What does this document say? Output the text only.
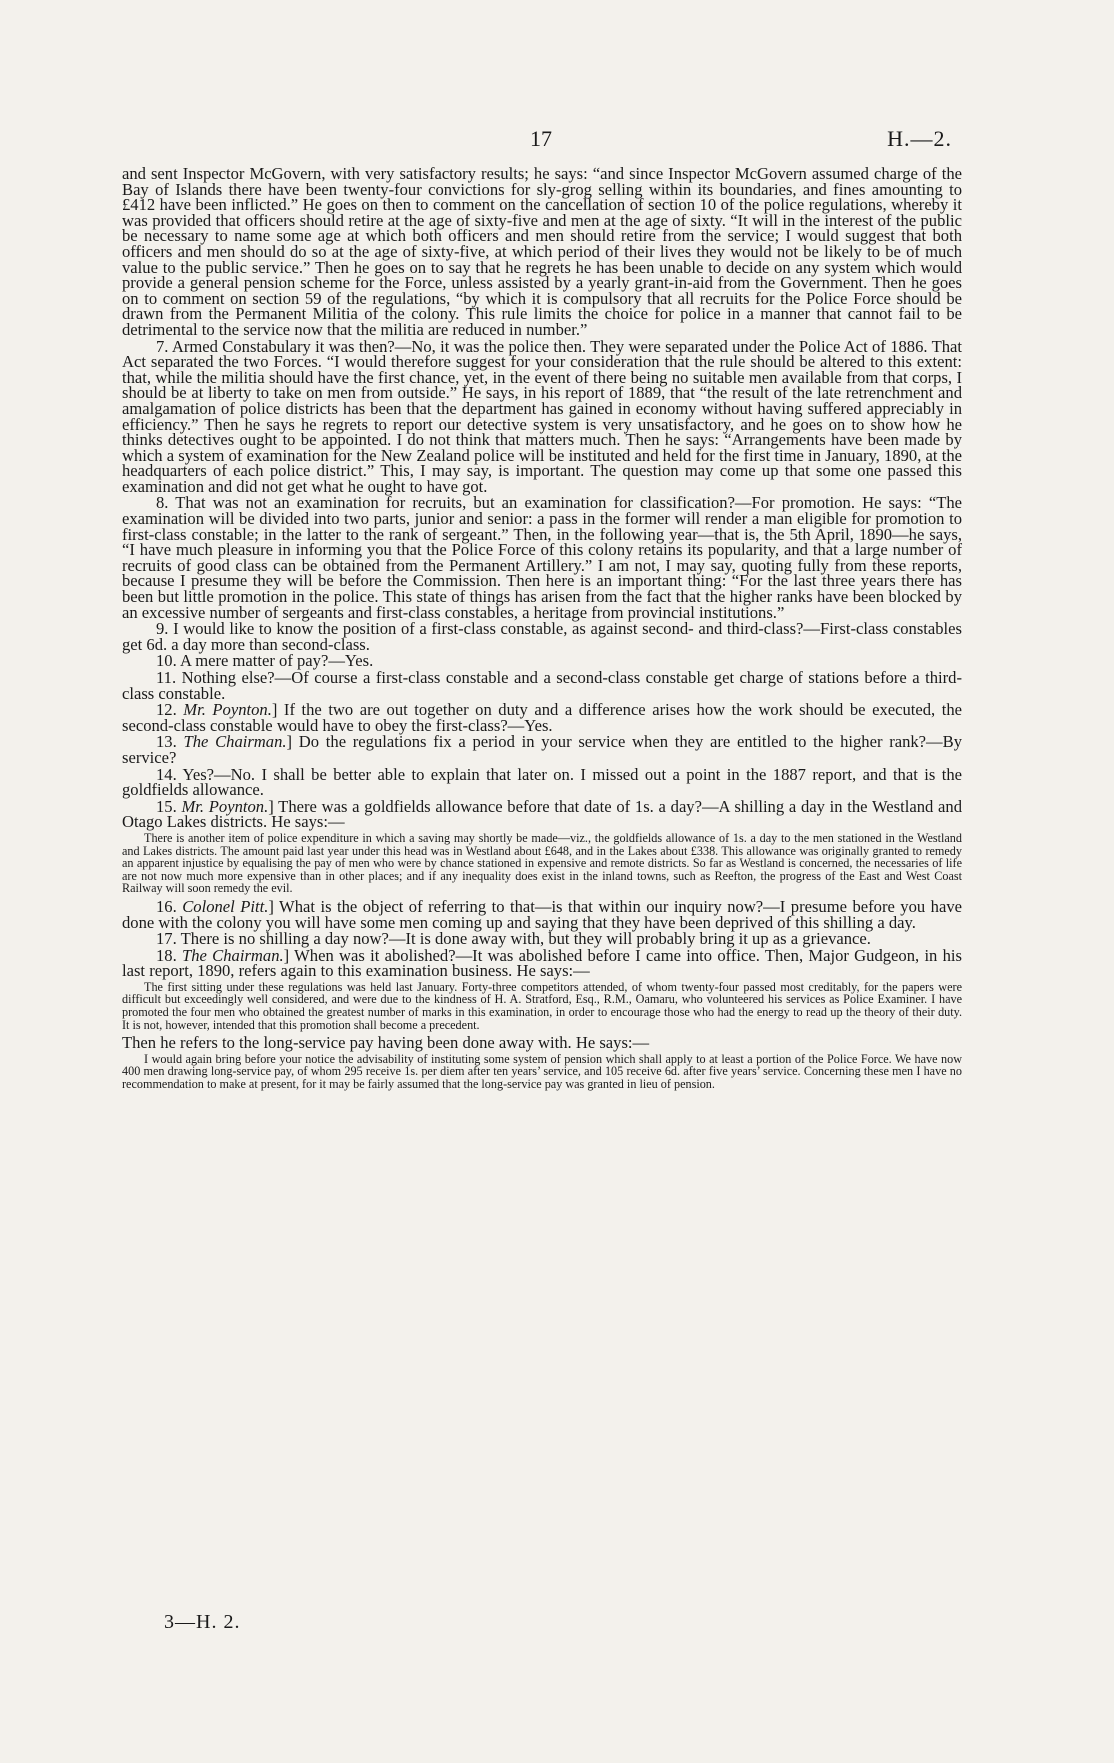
17	H.—2.

and sent Inspector McGovern, with very satisfactory results; he says: “and since Inspector McGovern assumed charge of the Bay of Islands there have been twenty-four convictions for sly-grog selling within its boundaries, and fines amounting to £412 have been inflicted.” He goes on then to comment on the cancellation of section 10 of the police regulations, whereby it was provided that officers should retire at the age of sixty-five and men at the age of sixty. “It will in the interest of the public be necessary to name some age at which both officers and men should retire from the service; I would suggest that both officers and men should do so at the age of sixty-five, at which period of their lives they would not be likely to be of much value to the public service.” Then he goes on to say that he regrets he has been unable to decide on any system which would provide a general pension scheme for the Force, unless assisted by a yearly grant-in-aid from the Government. Then he goes on to comment on section 59 of the regulations, “by which it is compulsory that all recruits for the Police Force should be drawn from the Permanent Militia of the colony. This rule limits the choice for police in a manner that cannot fail to be detrimental to the service now that the militia are reduced in number.”

7. Armed Constabulary it was then?—No, it was the police then. They were separated under the Police Act of 1886. That Act separated the two Forces. “I would therefore suggest for your consideration that the rule should be altered to this extent: that, while the militia should have the first chance, yet, in the event of there being no suitable men available from that corps, I should be at liberty to take on men from outside.” He says, in his report of 1889, that “the result of the late retrenchment and amalgamation of police districts has been that the department has gained in economy without having suffered appreciably in efficiency.” Then he says he regrets to report our detective system is very unsatisfactory, and he goes on to show how he thinks detectives ought to be appointed. I do not think that matters much. Then he says: “Arrangements have been made by which a system of examination for the New Zealand police will be instituted and held for the first time in January, 1890, at the headquarters of each police district.” This, I may say, is important. The question may come up that some one passed this examination and did not get what he ought to have got.

8. That was not an examination for recruits, but an examination for classification?—For promotion. He says: “The examination will be divided into two parts, junior and senior: a pass in the former will render a man eligible for promotion to first-class constable; in the latter to the rank of sergeant.” Then, in the following year—that is, the 5th April, 1890—he says, “I have much pleasure in informing you that the Police Force of this colony retains its popularity, and that a large number of recruits of good class can be obtained from the Permanent Artillery.” I am not, I may say, quoting fully from these reports, because I presume they will be before the Commission. Then here is an important thing: “For the last three years there has been but little promotion in the police. This state of things has arisen from the fact that the higher ranks have been blocked by an excessive number of sergeants and first-class constables, a heritage from provincial institutions.”

9. I would like to know the position of a first-class constable, as against second- and third-class?—First-class constables get 6d. a day more than second-class.

10. A mere matter of pay?—Yes.

11. Nothing else?—Of course a first-class constable and a second-class constable get charge of stations before a third-class constable.

12. Mr. Poynton.] If the two are out together on duty and a difference arises how the work should be executed, the second-class constable would have to obey the first-class?—Yes.

13. The Chairman.] Do the regulations fix a period in your service when they are entitled to the higher rank?—By service?

14. Yes?—No. I shall be better able to explain that later on. I missed out a point in the 1887 report, and that is the goldfields allowance.

15. Mr. Poynton.] There was a goldfields allowance before that date of 1s. a day?—A shilling a day in the Westland and Otago Lakes districts. He says:—

There is another item of police expenditure in which a saving may shortly be made—viz., the goldfields allowance of 1s. a day to the men stationed in the Westland and Lakes districts. The amount paid last year under this head was in Westland about £648, and in the Lakes about £338. This allowance was originally granted to remedy an apparent injustice by equalising the pay of men who were by chance stationed in expensive and remote districts. So far as Westland is concerned, the necessaries of life are not now much more expensive than in other places; and if any inequality does exist in the inland towns, such as Reefton, the progress of the East and West Coast Railway will soon remedy the evil.

16. Colonel Pitt.] What is the object of referring to that—is that within our inquiry now?—I presume before you have done with the colony you will have some men coming up and saying that they have been deprived of this shilling a day.

17. There is no shilling a day now?—It is done away with, but they will probably bring it up as a grievance.

18. The Chairman.] When was it abolished?—It was abolished before I came into office. Then, Major Gudgeon, in his last report, 1890, refers again to this examination business. He says:—

The first sitting under these regulations was held last January. Forty-three competitors attended, of whom twenty-four passed most creditably, for the papers were difficult but exceedingly well considered, and were due to the kindness of H. A. Stratford, Esq., R.M., Oamaru, who volunteered his services as Police Examiner. I have promoted the four men who obtained the greatest number of marks in this examination, in order to encourage those who had the energy to read up the theory of their duty. It is not, however, intended that this promotion shall become a precedent.

Then he refers to the long-service pay having been done away with. He says:—

I would again bring before your notice the advisability of instituting some system of pension which shall apply to at least a portion of the Police Force. We have now 400 men drawing long-service pay, of whom 295 receive 1s. per diem after ten years’ service, and 105 receive 6d. after five years’ service. Concerning these men I have no recommendation to make at present, for it may be fairly assumed that the long-service pay was granted in lieu of pension.

3—H. 2.
